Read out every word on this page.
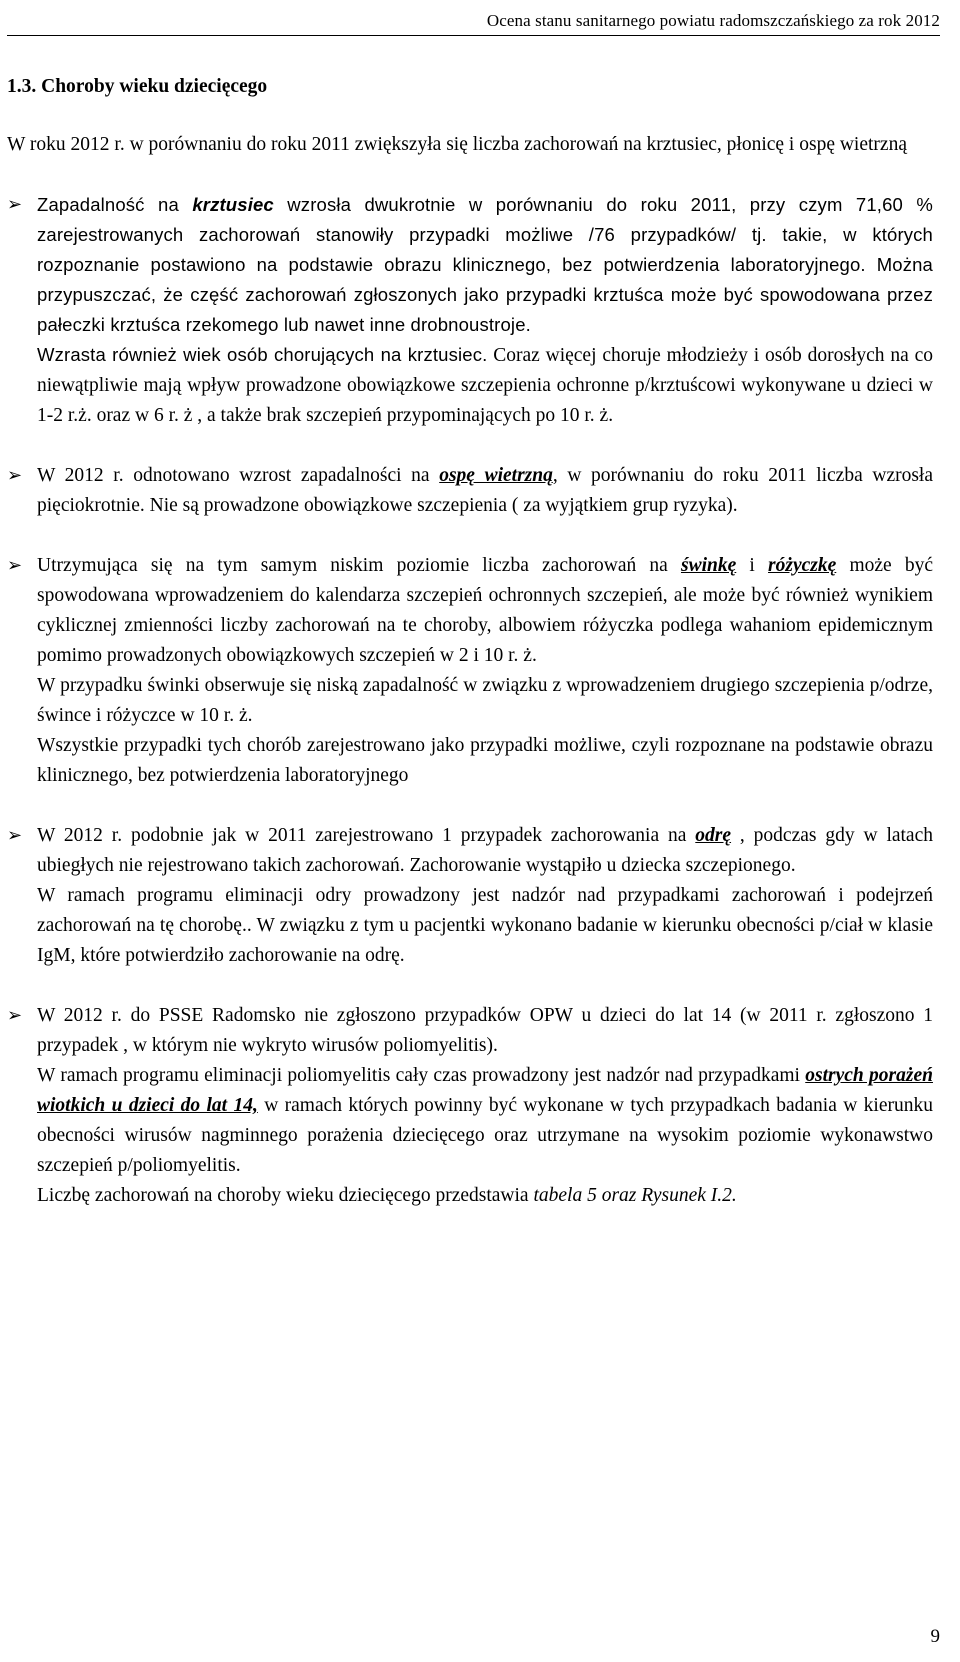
Ocena stanu sanitarnego powiatu radomszczańskiego za rok 2012

1.3. Choroby wieku dziecięcego

W roku 2012 r. w porównaniu do roku 2011 zwiększyła się liczba zachorowań na krztusiec, płonicę i ospę wietrzną

➢ Zapadalność na krztusiec wzrosła dwukrotnie w porównaniu do roku 2011, przy czym 71,60 % zarejestrowanych zachorowań stanowiły przypadki możliwe /76 przypadków/ tj. takie, w których rozpoznanie postawiono na podstawie obrazu klinicznego, bez potwierdzenia laboratoryjnego. Można przypuszczać, że część zachorowań zgłoszonych jako przypadki krztuśca może być spowodowana przez pałeczki krztuśca rzekomego lub nawet inne drobnoustroje.

Wzrasta również wiek osób chorujących na krztusiec. Coraz więcej choruje młodzieży i osób dorosłych na co niewątpliwie mają wpływ prowadzone obowiązkowe szczepienia ochronne p/krztuścowi wykonywane u dzieci w 1-2 r.ż. oraz w 6 r. ż , a także brak szczepień przypominających po 10 r. ż.

➢ W 2012 r. odnotowano wzrost zapadalności na ospę wietrzną, w porównaniu do roku 2011 liczba wzrosła pięciokrotnie. Nie są prowadzone obowiązkowe szczepienia ( za wyjątkiem grup ryzyka).

➢ Utrzymująca się na tym samym niskim poziomie liczba zachorowań na świnkę i różyczkę może być spowodowana wprowadzeniem do kalendarza szczepień ochronnych szczepień, ale może być również wynikiem cyklicznej zmienności liczby zachorowań na te choroby, albowiem różyczka podlega wahaniom epidemicznym pomimo prowadzonych obowiązkowych szczepień w 2 i 10 r. ż.

W przypadku świnki obserwuje się niską zapadalność w związku z wprowadzeniem drugiego szczepienia p/odrze, śwince i różyczce w 10 r. ż.

Wszystkie przypadki tych chorób zarejestrowano jako przypadki możliwe, czyli rozpoznane na podstawie obrazu klinicznego, bez potwierdzenia laboratoryjnego

➢ W 2012 r. podobnie jak w 2011 zarejestrowano 1 przypadek zachorowania na odrę , podczas gdy w latach ubiegłych nie rejestrowano takich zachorowań. Zachorowanie wystąpiło u dziecka szczepionego.

W ramach programu eliminacji odry prowadzony jest nadzór nad przypadkami zachorowań i podejrzeń zachorowań na tę chorobę.. W związku z tym u pacjentki wykonano badanie w kierunku obecności p/ciał w klasie IgM, które potwierdziło zachorowanie na odrę.

➢ W 2012 r. do PSSE Radomsko nie zgłoszono przypadków OPW u dzieci do lat 14 (w 2011 r. zgłoszono 1 przypadek , w którym nie wykryto wirusów poliomyelitis).

W ramach programu eliminacji poliomyelitis cały czas prowadzony jest nadzór nad przypadkami ostrych porażeń wiotkich u dzieci do lat 14, w ramach których powinny być wykonane w tych przypadkach badania w kierunku obecności wirusów nagminnego porażenia dziecięcego oraz utrzymane na wysokim poziomie wykonawstwo szczepień p/poliomyelitis.

Liczbę zachorowań na choroby wieku dziecięcego przedstawia tabela 5 oraz Rysunek I.2.

9
